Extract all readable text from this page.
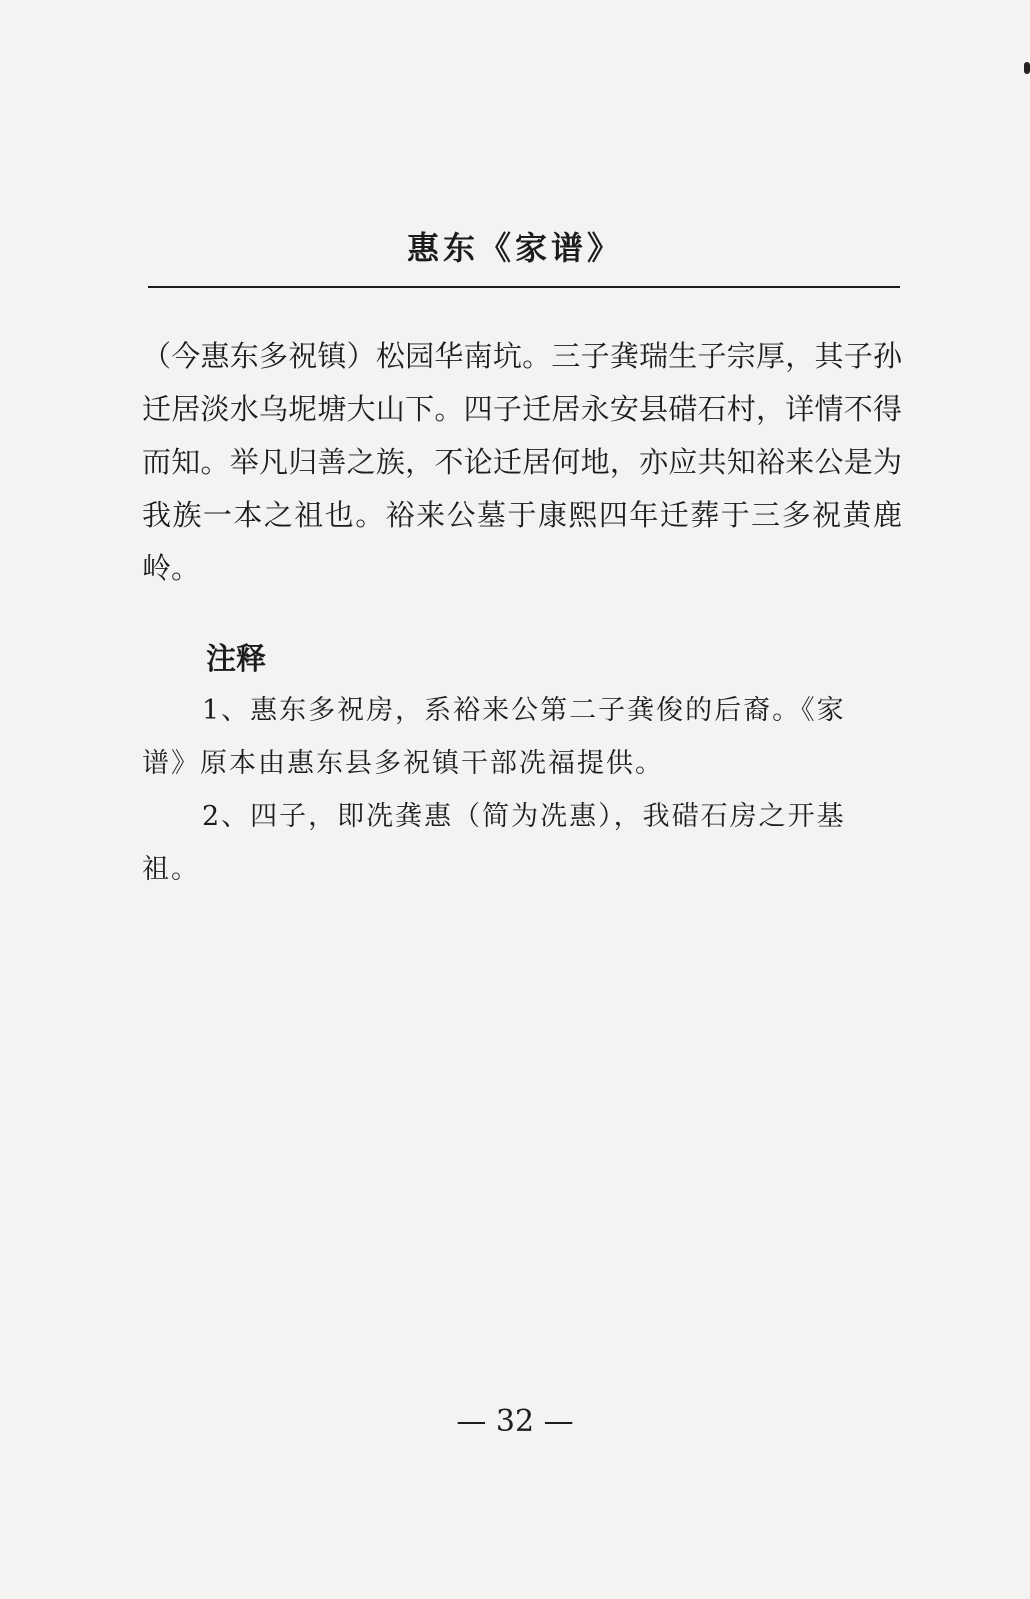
惠东《家谱》

（今惠东多祝镇）松园华南坑。三子龚瑞生子宗厚，其子孙迁居淡水乌坭塘大山下。四子迁居永安县碏石村，详情不得而知。举凡归善之族，不论迁居何地，亦应共知裕来公是为我族一本之祖也。裕来公墓于康熙四年迁葬于三多祝黄鹿岭。

注释

1、惠东多祝房，系裕来公第二子龚俊的后裔。《家谱》原本由惠东县多祝镇干部冼福提供。

2、四子，即冼龚惠（简为冼惠），我碏石房之开基祖。

— 32 —
